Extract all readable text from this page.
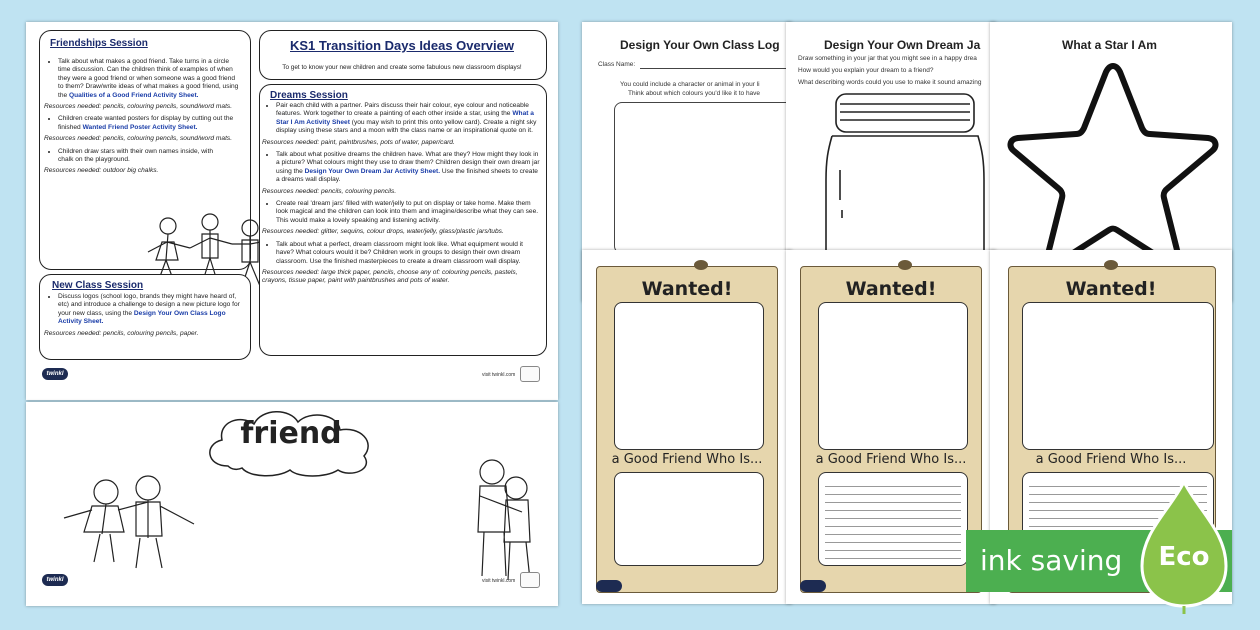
Friendships Session
• Talk about what makes a good friend. Take turns in a circle time discussion. Can the children think of examples of when they were a good friend or when someone was a good friend to them? Draw/write ideas of what makes a good friend, using the Qualities of a Good Friend Activity Sheet.
Resources needed: pencils, colouring pencils, sound/word mats.
• Children create wanted posters for display by cutting out the finished Wanted Friend Poster Activity Sheet.
Resources needed: pencils, colouring pencils, sound/word mats.
• Children draw stars with their own names inside, with chalk on the playground.
Resources needed: outdoor big chalks.
New Class Session
• Discuss logos (school logo, brands they might have heard of, etc) and introduce a challenge to design a new picture logo for your new class, using the Design Your Own Class Logo Activity Sheet.
Resources needed: pencils, colouring pencils, paper.
KS1 Transition Days Ideas Overview
To get to know your new children and create some fabulous new classroom displays!
Dreams Session
• Pair each child with a partner. Pairs discuss their hair colour, eye colour and noticeable features. Work together to create a painting of each other inside a star, using the What a Star I Am Activity Sheet (you may wish to print this onto yellow card). Create a night sky display using these stars and a moon with the class name or an inspirational quote on it.
Resources needed: paint, paintbrushes, pots of water, paper/card.
• Talk about what positive dreams the children have. What are they? How might they look in a picture? What colours might they use to draw them? Children design their own dream jar using the Design Your Own Dream Jar Activity Sheet. Use the finished sheets to create a dreams wall display.
Resources needed: pencils, colouring pencils.
• Create real 'dream jars' filled with water/jelly to put on display or take home. Make them look magical and the children can look into them and imagine/describe what they can see. This would make a lovely speaking and listening activity.
Resources needed: glitter, sequins, colour drops, water/jelly, glass/plastic jars/tubs.
• Talk about what a perfect, dream classroom might look like. What equipment would it have? What colours would it be? Children work in groups to design their own dream classroom. Use the finished masterpieces to create a dream classroom wall display.
Resources needed: large thick paper, pencils, choose any of: colouring pencils, pastels, crayons, tissue paper, paint with paintbrushes and pots of water.
twinkl	visit twinkl.com
friend
twinkl	visit twinkl.com
Design Your Own Class Log
Class Name:
You could include a character or animal in your li
Think about which colours you'd like it to have
Design Your Own Dream Ja
Draw something in your jar that you might see in a happy drea
How would you explain your dream to a friend?
What describing words could you use to make it sound amazing
What a Star I Am
Wanted!
a Good Friend Who Is...
Wanted!
a Good Friend Who Is...
Wanted!
a Good Friend Who Is...
ink saving	Eco
